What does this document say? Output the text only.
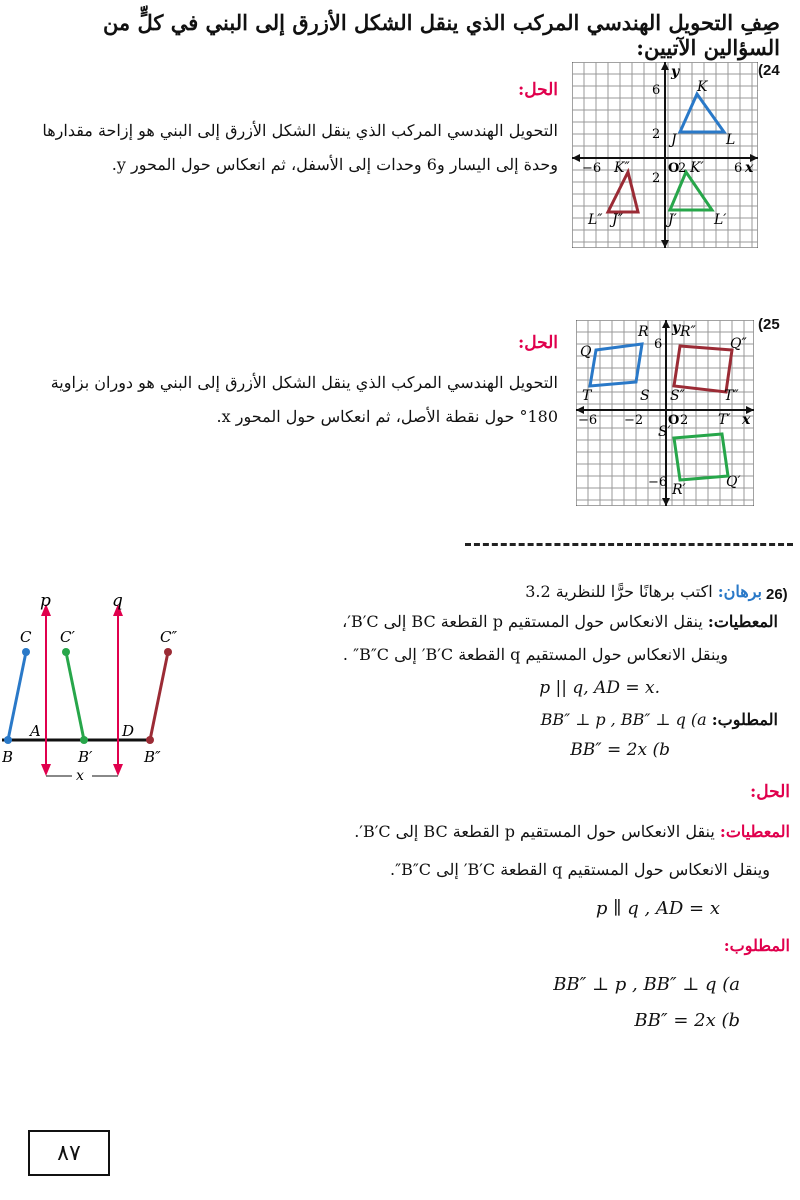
صِفِ التحويل الهندسي المركب الذي ينقل الشكل الأزرق إلى البني في كلٍّ من السؤالين الآتيين:
(24
y
x
6
2
−6	O
2	6
2
K
J	L
K″
J″
L″
K′
J′	L′
الحل:
التحويل الهندسي المركب الذي ينقل الشكل الأزرق إلى البني هو إزاحة مقدارها وحدة إلى اليسار و6 وحدات إلى الأسفل، ثم انعكاس حول المحور y.
(25
y
x
6
−6 −2 O 2
−6
R
Q
T	S
R″
Q″
S″	T″
R′	Q′
S′
T′
الحل:
التحويل الهندسي المركب الذي ينقل الشكل الأزرق إلى البني هو دوران بزاوية 180° حول نقطة الأصل، ثم انعكاس حول المحور x.
p	q
C C′	C″
A	D
B	B′	B″
x
26)
برهان: اكتب برهانًا حرًّا للنظرية 3.2
المعطيات: ينقل الانعكاس حول المستقيم p القطعة BC إلى B′C′،
وينقل الانعكاس حول المستقيم q القطعة B′C′ إلى B″C″ .
p || q, AD = x.
المطلوب: BB″ ⊥ p , BB″ ⊥ q (a
BB″ = 2x (b
الحل:
المعطيات: ينقل الانعكاس حول المستقيم p القطعة BC إلى B′C′.
وينقل الانعكاس حول المستقيم q القطعة B′C′ إلى B″C″.
p ∥ q , AD = x
المطلوب:
BB″ ⊥ p , BB″ ⊥ q (a
BB″ = 2x (b
٨٧
